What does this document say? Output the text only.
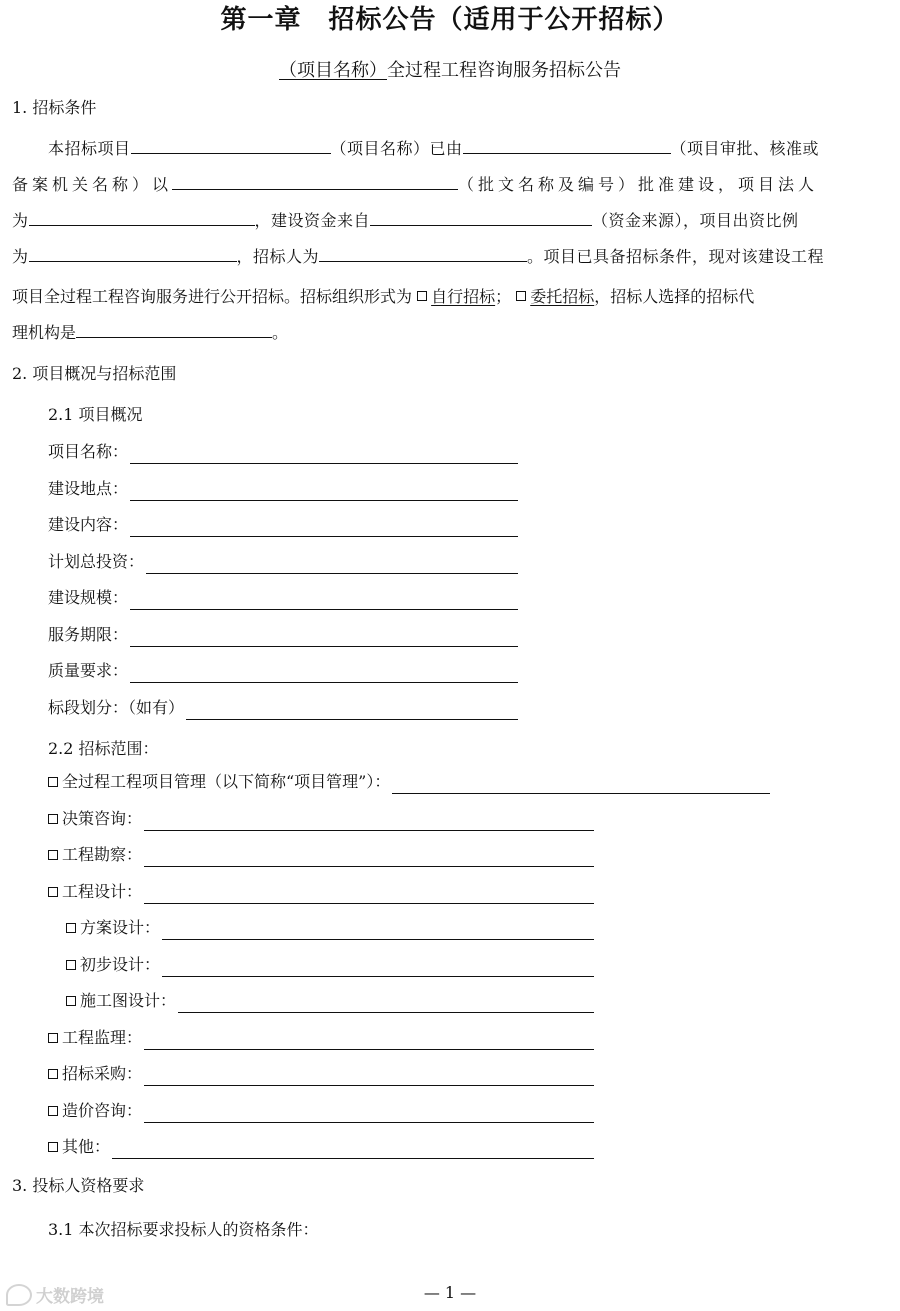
第一章　招标公告（适用于公开招标）
（项目名称）全过程工程咨询服务招标公告
1. 招标条件
本招标项目	（项目名称）已由	（项目审批、核准或
备案机关名称）以	（批文名称及编号）批准建设，项目法人
为	，建设资金来自	（资金来源），项目出资比例
为	，招标人为	。项目已具备招标条件，现对该建设工程
项目全过程工程咨询服务进行公开招标。招标组织形式为 自行招标； 委托招标，招标人选择的招标代
理机构是	。
2. 项目概况与招标范围
2.1 项目概况
项目名称：
建设地点：
建设内容：
计划总投资：
建设规模：
服务期限：
质量要求：
标段划分：（如有）
2.2 招标范围：
全过程工程项目管理（以下简称“项目管理”）：
决策咨询：
工程勘察：
工程设计：
方案设计：
初步设计：
施工图设计：
工程监理：
招标采购：
造价咨询：
其他：
3. 投标人资格要求
3.1 本次招标要求投标人的资格条件：
大数跨境	— 1 —
